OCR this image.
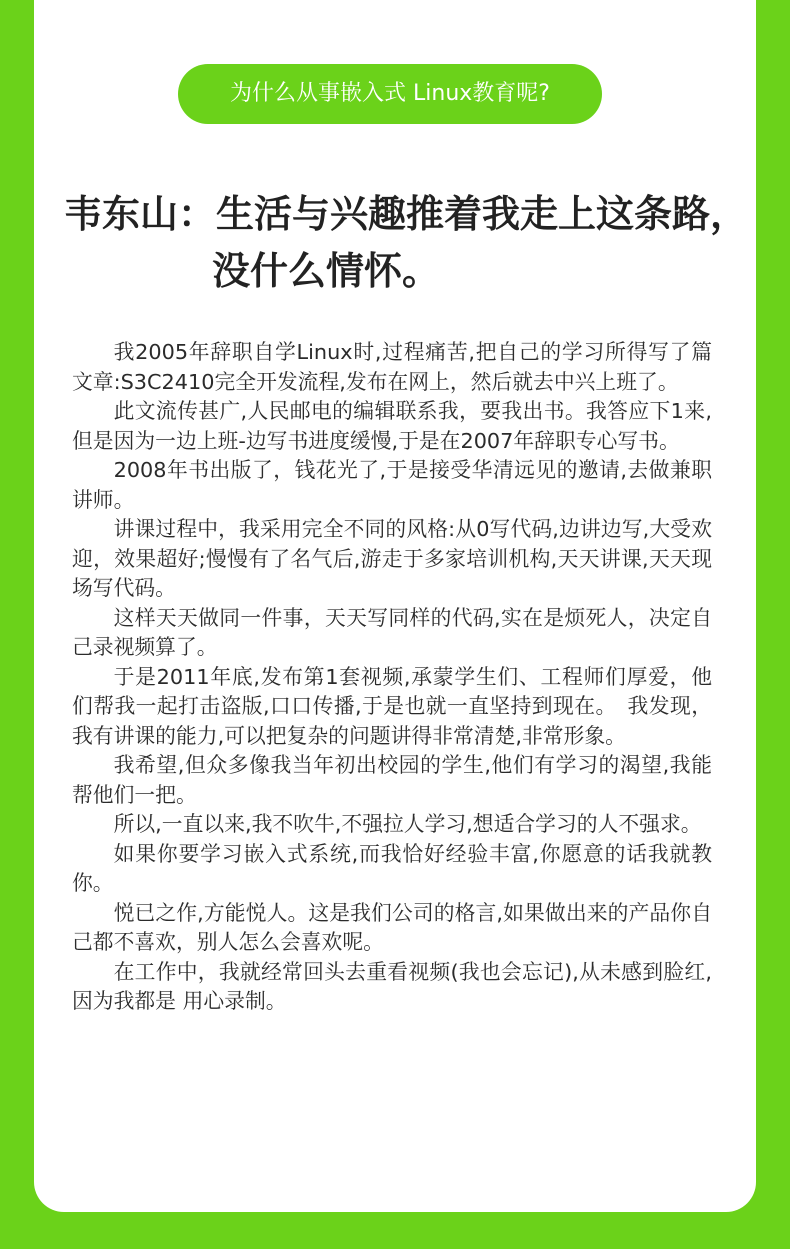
为什么从事嵌入式 Linux教育呢?
韦东山：生活与兴趣推着我走上这条路，
没什么情怀。

我2005年辞职自学Linux时,过程痛苦,把自己的学习所得写了篇文章:S3C2410完全开发流程,发布在网上，然后就去中兴上班了。

此文流传甚广,人民邮电的编辑联系我，要我出书。我答应下1来,但是因为一边上班-边写书进度缓慢,于是在2007年辞职专心写书。

2008年书出版了，钱花光了,于是接受华清远见的邀请,去做兼职讲师。

讲课过程中，我采用完全不同的风格:从0写代码,边讲边写,大受欢迎，效果超好;慢慢有了名气后,游走于多家培训机构,天天讲课,天天现场写代码。

这样天天做同一件事，天天写同样的代码,实在是烦死人，决定自己录视频算了。

于是2011年底,发布第1套视频,承蒙学生们、工程师们厚爱，他们帮我一起打击盗版,口口传播,于是也就一直坚持到现在。　我发现，我有讲课的能力,可以把复杂的问题讲得非常清楚,非常形象。

我希望,但众多像我当年初出校园的学生,他们有学习的渴望,我能帮他们一把。

所以,一直以来,我不吹牛,不强拉人学习,想适合学习的人不强求。

如果你要学习嵌入式系统,而我恰好经验丰富,你愿意的话我就教你。

悦已之作,方能悦人。这是我们公司的格言,如果做出来的产品你自己都不喜欢，别人怎么会喜欢呢。

在工作中，我就经常回头去重看视频(我也会忘记),从未感到脸红,因为我都是 用心录制。
